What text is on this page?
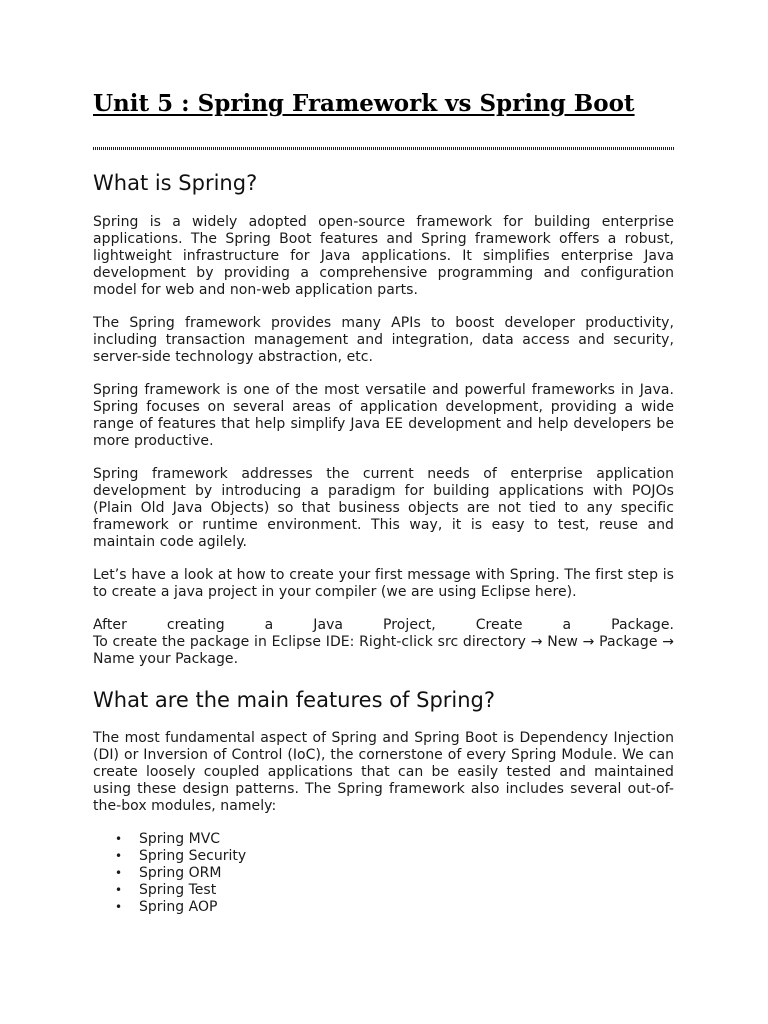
Unit 5 : Spring Framework vs Spring Boot
What is Spring?

Spring is a widely adopted open-source framework for building enterprise applications. The Spring Boot features and Spring framework offers a robust, lightweight infrastructure for Java applications. It simplifies enterprise Java development by providing a comprehensive programming and configuration model for web and non-web application parts.

The Spring framework provides many APIs to boost developer productivity, including transaction management and integration, data access and security, server-side technology abstraction, etc.

Spring framework is one of the most versatile and powerful frameworks in Java. Spring focuses on several areas of application development, providing a wide range of features that help simplify Java EE development and help developers be more productive.

Spring framework addresses the current needs of enterprise application development by introducing a paradigm for building applications with POJOs (Plain Old Java Objects) so that business objects are not tied to any specific framework or runtime environment. This way, it is easy to test, reuse and maintain code agilely.

Let’s have a look at how to create your first message with Spring. The first step is to create a java project in your compiler (we are using Eclipse here).

After creating a Java Project, Create a Package.

To create the package in Eclipse IDE: Right-click src directory → New → Package → Name your Package.

What are the main features of Spring?

The most fundamental aspect of Spring and Spring Boot is Dependency Injection (DI) or Inversion of Control (IoC), the cornerstone of every Spring Module. We can create loosely coupled applications that can be easily tested and maintained using these design patterns. The Spring framework also includes several out-of-the-box modules, namely:

• Spring MVC
• Spring Security
• Spring ORM
• Spring Test
• Spring AOP
